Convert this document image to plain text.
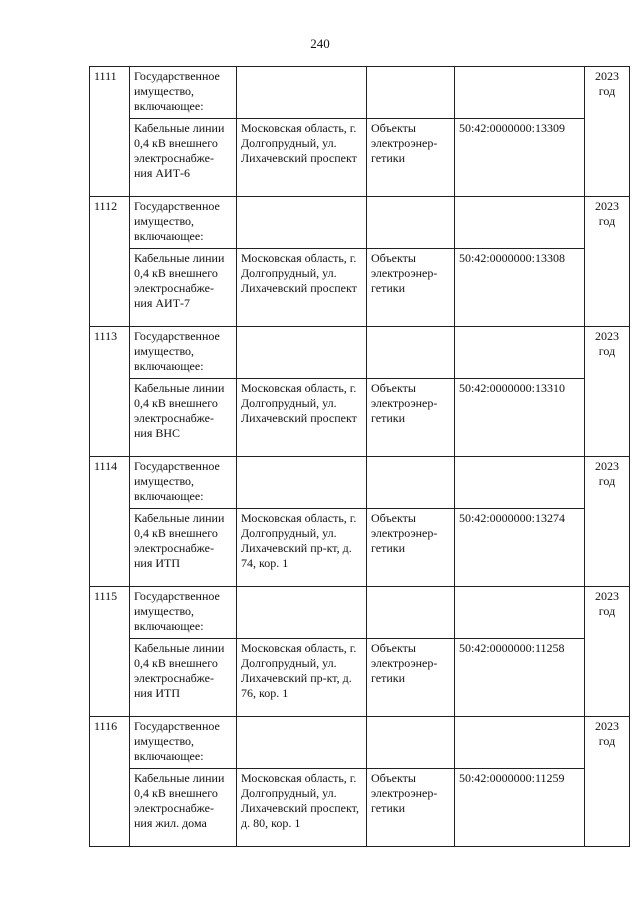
240
1111	Государственное имущество, включающее:				2023 год
	Кабельные линии 0,4 кВ внешнего электроснабже-ния АИТ-6	Московская область, г. Долгопрудный, ул. Лихачевский проспект	Объекты электроэнер-гетики	50:42:0000000:13309	
1112	Государственное имущество, включающее:				2023 год
	Кабельные линии 0,4 кВ внешнего электроснабже-ния АИТ-7	Московская область, г. Долгопрудный, ул. Лихачевский проспект	Объекты электроэнер-гетики	50:42:0000000:13308	
1113	Государственное имущество, включающее:				2023 год
	Кабельные линии 0,4 кВ внешнего электроснабже-ния ВНС	Московская область, г. Долгопрудный, ул. Лихачевский проспект	Объекты электроэнер-гетики	50:42:0000000:13310	
1114	Государственное имущество, включающее:				2023 год
	Кабельные линии 0,4 кВ внешнего электроснабже-ния ИТП	Московская область, г. Долгопрудный, ул. Лихачевский пр-кт, д. 74, кор. 1	Объекты электроэнер-гетики	50:42:0000000:13274	
1115	Государственное имущество, включающее:				2023 год
	Кабельные линии 0,4 кВ внешнего электроснабже-ния ИТП	Московская область, г. Долгопрудный, ул. Лихачевский пр-кт, д. 76, кор. 1	Объекты электроэнер-гетики	50:42:0000000:11258	
1116	Государственное имущество, включающее:				2023 год
	Кабельные линии 0,4 кВ внешнего электроснабже-ния жил. дома	Московская область, г. Долгопрудный, ул. Лихачевский проспект, д. 80, кор. 1	Объекты электроэнер-гетики	50:42:0000000:11259	
